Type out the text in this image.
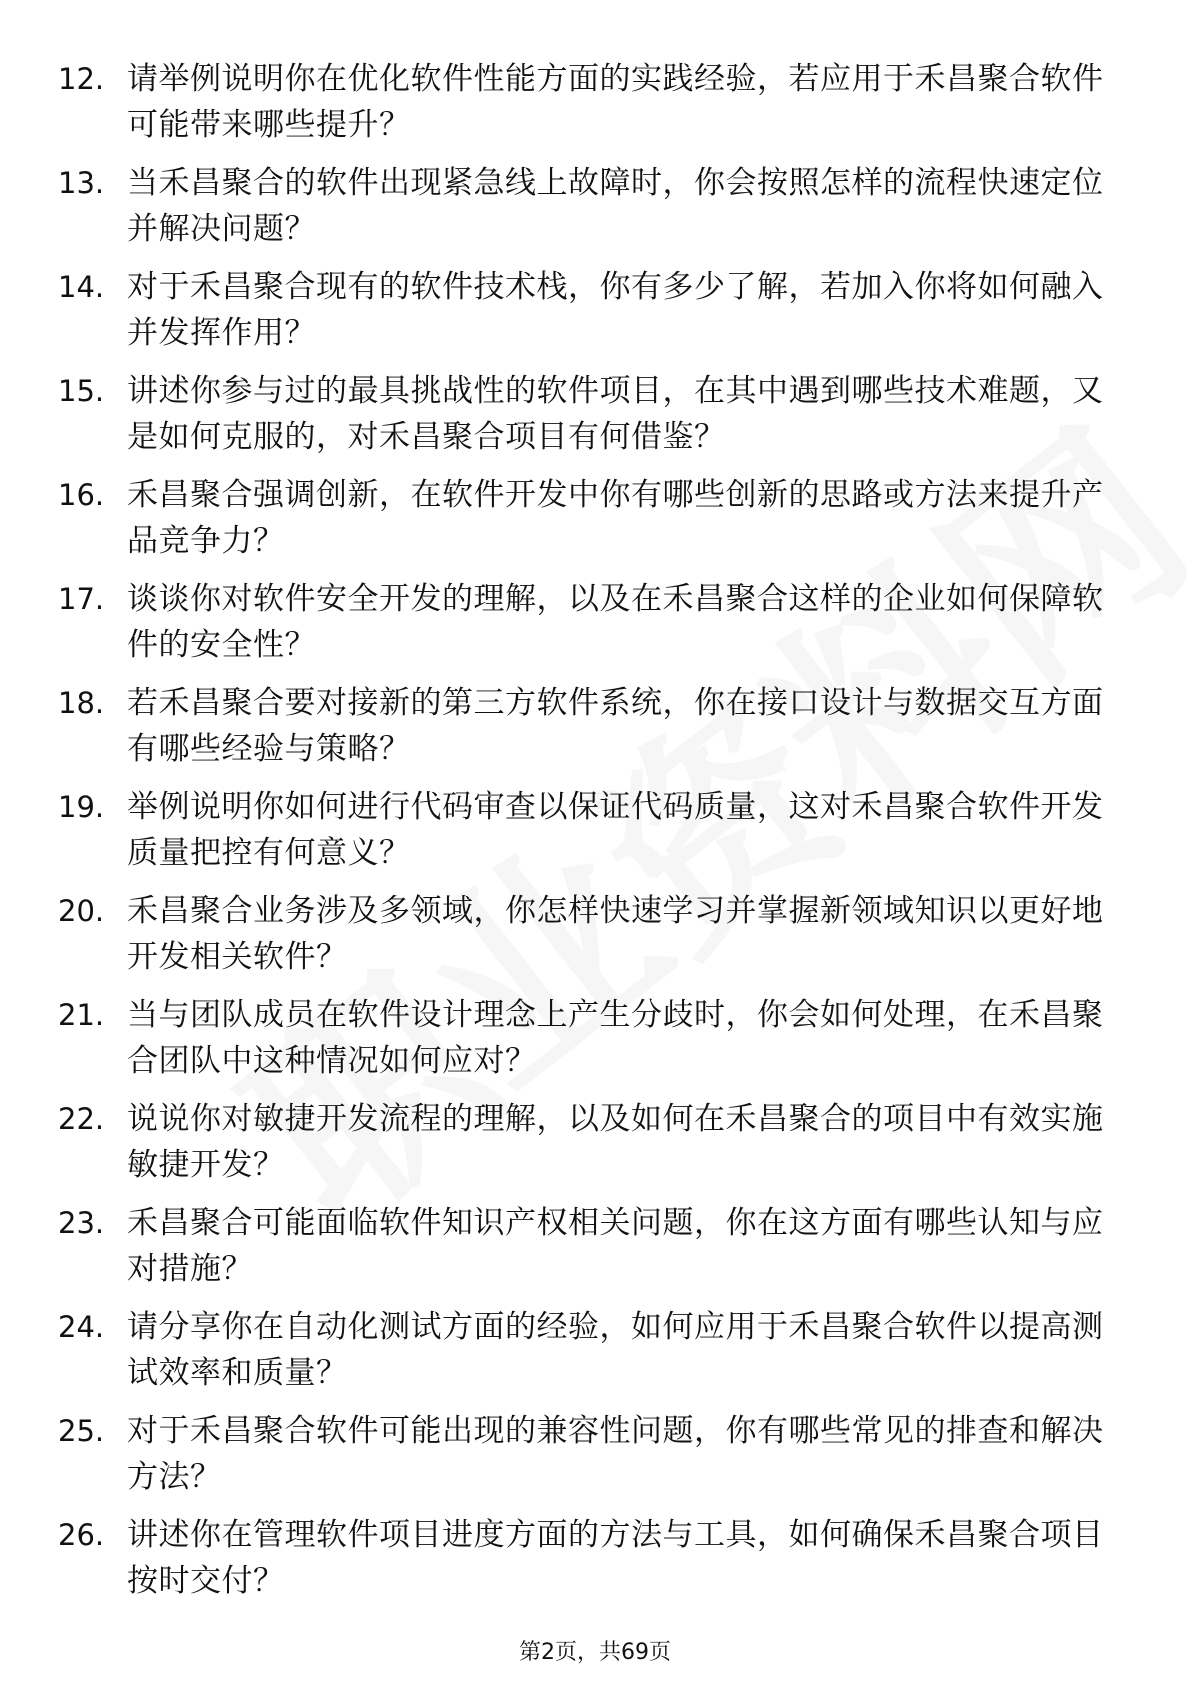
12. 请举例说明你在优化软件性能方面的实践经验，若应用于禾昌聚合软件可能带来哪些提升？
13. 当禾昌聚合的软件出现紧急线上故障时，你会按照怎样的流程快速定位并解决问题？
14. 对于禾昌聚合现有的软件技术栈，你有多少了解，若加入你将如何融入并发挥作用？
15. 讲述你参与过的最具挑战性的软件项目，在其中遇到哪些技术难题，又是如何克服的，对禾昌聚合项目有何借鉴？
16. 禾昌聚合强调创新，在软件开发中你有哪些创新的思路或方法来提升产品竞争力？
17. 谈谈你对软件安全开发的理解，以及在禾昌聚合这样的企业如何保障软件的安全性？
18. 若禾昌聚合要对接新的第三方软件系统，你在接口设计与数据交互方面有哪些经验与策略？
19. 举例说明你如何进行代码审查以保证代码质量，这对禾昌聚合软件开发质量把控有何意义？
20. 禾昌聚合业务涉及多领域，你怎样快速学习并掌握新领域知识以更好地开发相关软件？
21. 当与团队成员在软件设计理念上产生分歧时，你会如何处理，在禾昌聚合团队中这种情况如何应对？
22. 说说你对敏捷开发流程的理解，以及如何在禾昌聚合的项目中有效实施敏捷开发？
23. 禾昌聚合可能面临软件知识产权相关问题，你在这方面有哪些认知与应对措施？
24. 请分享你在自动化测试方面的经验，如何应用于禾昌聚合软件以提高测试效率和质量？
25. 对于禾昌聚合软件可能出现的兼容性问题，你有哪些常见的排查和解决方法？
26. 讲述你在管理软件项目进度方面的方法与工具，如何确保禾昌聚合项目按时交付？
第2页，共69页
